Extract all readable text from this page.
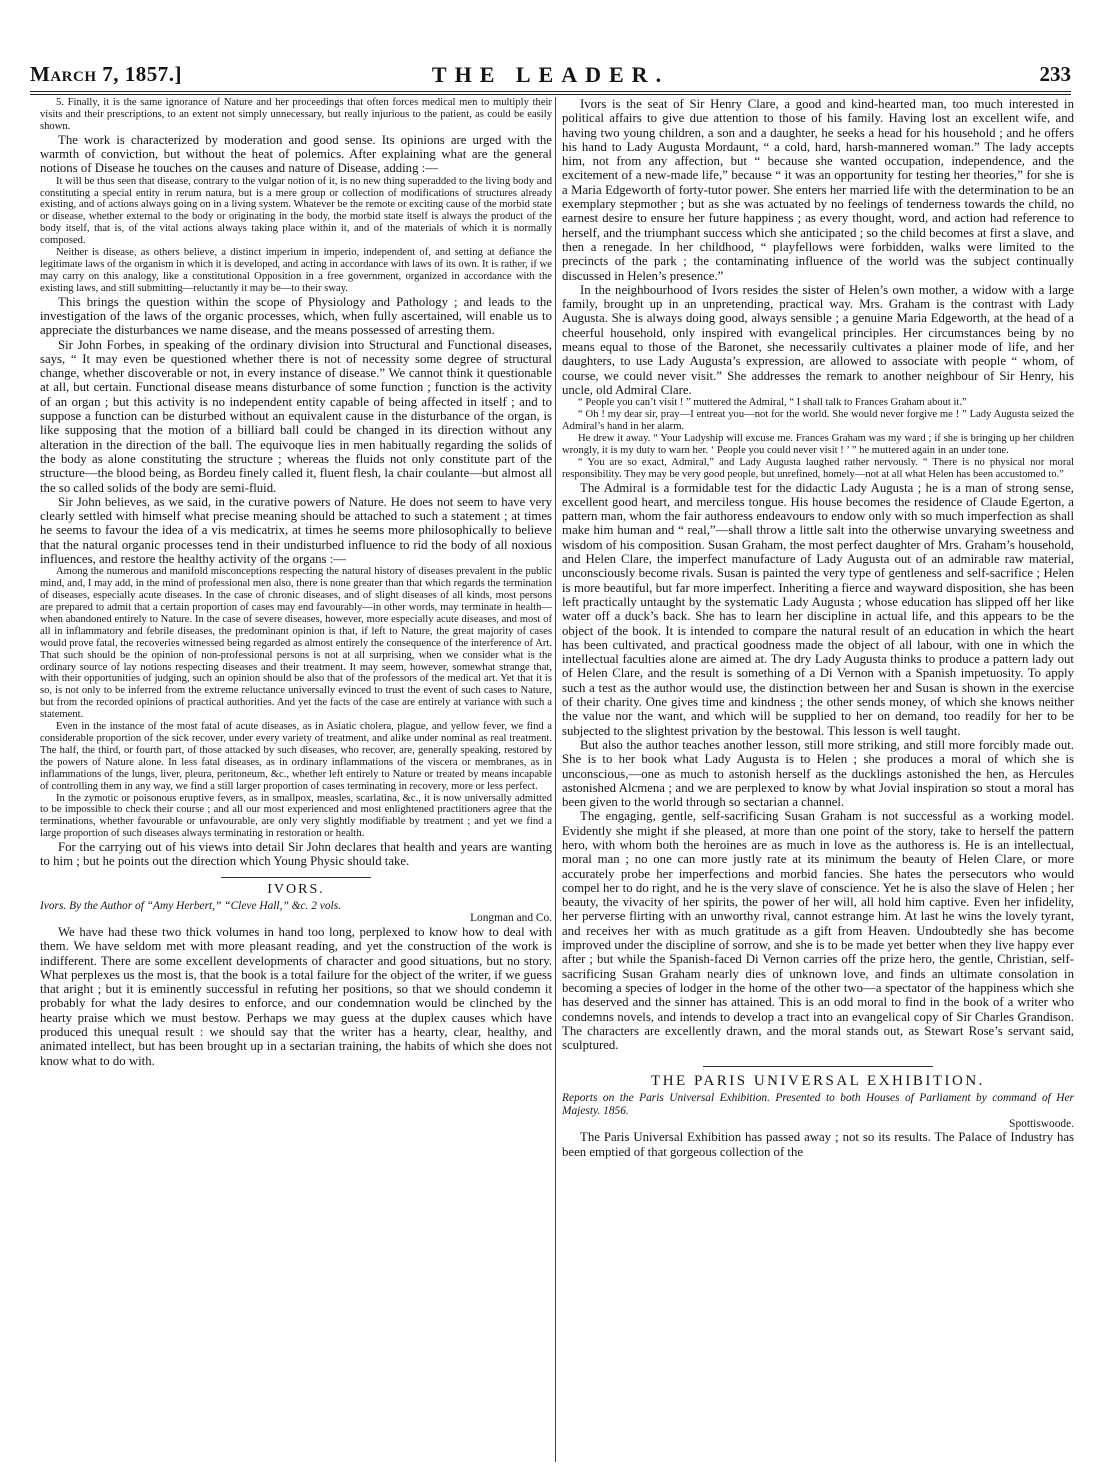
March 7, 1857.]	THE LEADER.	233

5. Finally, it is the same ignorance of Nature and her proceedings that often forces medical men to multiply their visits and their prescriptions, to an extent not simply unnecessary, but really injurious to the patient, as could be easily shown.

The work is characterized by moderation and good sense. Its opinions are urged with the warmth of conviction, but without the heat of polemics. After explaining what are the general notions of Disease he touches on the causes and nature of Disease, adding :—

It will be thus seen that disease, contrary to the vulgar notion of it, is no new thing superadded to the living body and constituting a special entity in rerum natura, but is a mere group or collection of modifications of structures already existing, and of actions always going on in a living system. Whatever be the remote or exciting cause of the morbid state or disease, whether external to the body or originating in the body, the morbid state itself is always the product of the body itself, that is, of the vital actions always taking place within it, and of the materials of which it is normally composed.

Neither is disease, as others believe, a distinct imperium in imperio, independent of, and setting at defiance the legitimate laws of the organism in which it is developed, and acting in accordance with laws of its own. It is rather, if we may carry on this analogy, like a constitutional Opposition in a free government, organized in accordance with the existing laws, and still submitting—reluctantly it may be—to their sway.

This brings the question within the scope of Physiology and Pathology ; and leads to the investigation of the laws of the organic processes, which, when fully ascertained, will enable us to appreciate the disturbances we name disease, and the means possessed of arresting them.

Sir John Forbes, in speaking of the ordinary division into Structural and Functional diseases, says, “ It may even be questioned whether there is not of necessity some degree of structural change, whether discoverable or not, in every instance of disease.” We cannot think it questionable at all, but certain. Functional disease means disturbance of some function ; function is the activity of an organ ; but this activity is no independent entity capable of being affected in itself ; and to suppose a function can be disturbed without an equivalent cause in the disturbance of the organ, is like supposing that the motion of a billiard ball could be changed in its direction without any alteration in the direction of the ball. The equivoque lies in men habitually regarding the solids of the body as alone constituting the structure ; whereas the fluids not only constitute part of the structure—the blood being, as Bordeu finely called it, fluent flesh, la chair coulante—but almost all the so called solids of the body are semi-fluid.

Sir John believes, as we said, in the curative powers of Nature. He does not seem to have very clearly settled with himself what precise meaning should be attached to such a statement ; at times he seems to favour the idea of a vis medicatrix, at times he seems more philosophically to believe that the natural organic processes tend in their undisturbed influence to rid the body of all noxious influences, and restore the healthy activity of the organs :—

Among the numerous and manifold misconceptions respecting the natural history of diseases prevalent in the public mind, and, I may add, in the mind of professional men also, there is none greater than that which regards the termination of diseases, especially acute diseases. In the case of chronic diseases, and of slight diseases of all kinds, most persons are prepared to admit that a certain proportion of cases may end favourably—in other words, may terminate in health—when abandoned entirely to Nature. In the case of severe diseases, however, more especially acute diseases, and most of all in inflammatory and febrile diseases, the predominant opinion is that, if left to Nature, the great majority of cases would prove fatal, the recoveries witnessed being regarded as almost entirely the consequence of the interference of Art. That such should be the opinion of non-professional persons is not at all surprising, when we consider what is the ordinary source of lay notions respecting diseases and their treatment. It may seem, however, somewhat strange that, with their opportunities of judging, such an opinion should be also that of the professors of the medical art. Yet that it is so, is not only to be inferred from the extreme reluctance universally evinced to trust the event of such cases to Nature, but from the recorded opinions of practical authorities. And yet the facts of the case are entirely at variance with such a statement.

Even in the instance of the most fatal of acute diseases, as in Asiatic cholera, plague, and yellow fever, we find a considerable proportion of the sick recover, under every variety of treatment, and alike under nominal as real treatment. The half, the third, or fourth part, of those attacked by such diseases, who recover, are, generally speaking, restored by the powers of Nature alone. In less fatal diseases, as in ordinary inflammations of the viscera or membranes, as in inflammations of the lungs, liver, pleura, peritoneum, &c., whether left entirely to Nature or treated by means incapable of controlling them in any way, we find a still larger proportion of cases terminating in recovery, more or less perfect.

In the zymotic or poisonous eruptive fevers, as in smallpox, measles, scarlatina, &c., it is now universally admitted to be impossible to check their course ; and all our most experienced and most enlightened practitioners agree that the terminations, whether favourable or unfavourable, are only very slightly modifiable by treatment ; and yet we find a large proportion of such diseases always terminating in restoration or health.

For the carrying out of his views into detail Sir John declares that health and years are wanting to him ; but he points out the direction which Young Physic should take.

IVORS.

Ivors. By the Author of “Amy Herbert,” “Cleve Hall,” &c. 2 vols.

Longman and Co.

We have had these two thick volumes in hand too long, perplexed to know how to deal with them. We have seldom met with more pleasant reading, and yet the construction of the work is indifferent. There are some excellent developments of character and good situations, but no story. What perplexes us the most is, that the book is a total failure for the object of the writer, if we guess that aright ; but it is eminently successful in refuting her positions, so that we should condemn it probably for what the lady desires to enforce, and our condemnation would be clinched by the hearty praise which we must bestow. Perhaps we may guess at the duplex causes which have produced this unequal result : we should say that the writer has a hearty, clear, healthy, and animated intellect, but has been brought up in a sectarian training, the habits of which she does not know what to do with.

Ivors is the seat of Sir Henry Clare, a good and kind-hearted man, too much interested in political affairs to give due attention to those of his family. Having lost an excellent wife, and having two young children, a son and a daughter, he seeks a head for his household ; and he offers his hand to Lady Augusta Mordaunt, “ a cold, hard, harsh-mannered woman.” The lady accepts him, not from any affection, but “ because she wanted occupation, independence, and the excitement of a new-made life,” because “ it was an opportunity for testing her theories,” for she is a Maria Edgeworth of forty-tutor power. She enters her married life with the determination to be an exemplary stepmother ; but as she was actuated by no feelings of tenderness towards the child, no earnest desire to ensure her future happiness ; as every thought, word, and action had reference to herself, and the triumphant success which she anticipated ; so the child becomes at first a slave, and then a renegade. In her childhood, “ playfellows were forbidden, walks were limited to the precincts of the park ; the contaminating influence of the world was the subject continually discussed in Helen’s presence.”

In the neighbourhood of Ivors resides the sister of Helen’s own mother, a widow with a large family, brought up in an unpretending, practical way. Mrs. Graham is the contrast with Lady Augusta. She is always doing good, always sensible ; a genuine Maria Edgeworth, at the head of a cheerful household, only inspired with evangelical principles. Her circumstances being by no means equal to those of the Baronet, she necessarily cultivates a plainer mode of life, and her daughters, to use Lady Augusta’s expression, are allowed to associate with people “ whom, of course, we could never visit.” She addresses the remark to another neighbour of Sir Henry, his uncle, old Admiral Clare.

“ People you can’t visit ! ” muttered the Admiral, “ I shall talk to Frances Graham about it.”

“ Oh ! my dear sir, pray—I entreat you—not for the world. She would never forgive me ! ” Lady Augusta seized the Admiral’s hand in her alarm.

He drew it away. “ Your Ladyship will excuse me. Frances Graham was my ward ; if she is bringing up her children wrongly, it is my duty to warn her. ‘ People you could never visit ! ’ ” he muttered again in an under tone.

“ You are so exact, Admiral,” and Lady Augusta laughed rather nervously. “ There is no physical nor moral responsibility. They may be very good people, but unrefined, homely—not at all what Helen has been accustomed to.”

The Admiral is a formidable test for the didactic Lady Augusta ; he is a man of strong sense, excellent good heart, and merciless tongue. His house becomes the residence of Claude Egerton, a pattern man, whom the fair authoress endeavours to endow only with so much imperfection as shall make him human and “ real,”—shall throw a little salt into the otherwise unvarying sweetness and wisdom of his composition. Susan Graham, the most perfect daughter of Mrs. Graham’s household, and Helen Clare, the imperfect manufacture of Lady Augusta out of an admirable raw material, unconsciously become rivals. Susan is painted the very type of gentleness and self-sacrifice ; Helen is more beautiful, but far more imperfect. Inheriting a fierce and wayward disposition, she has been left practically untaught by the systematic Lady Augusta ; whose education has slipped off her like water off a duck’s back. She has to learn her discipline in actual life, and this appears to be the object of the book. It is intended to compare the natural result of an education in which the heart has been cultivated, and practical goodness made the object of all labour, with one in which the intellectual faculties alone are aimed at. The dry Lady Augusta thinks to produce a pattern lady out of Helen Clare, and the result is something of a Di Vernon with a Spanish impetuosity. To apply such a test as the author would use, the distinction between her and Susan is shown in the exercise of their charity. One gives time and kindness ; the other sends money, of which she knows neither the value nor the want, and which will be supplied to her on demand, too readily for her to be subjected to the slightest privation by the bestowal. This lesson is well taught.

But also the author teaches another lesson, still more striking, and still more forcibly made out. She is to her book what Lady Augusta is to Helen ; she produces a moral of which she is unconscious,—one as much to astonish herself as the ducklings astonished the hen, as Hercules astonished Alcmena ; and we are perplexed to know by what Jovial inspiration so stout a moral has been given to the world through so sectarian a channel.

The engaging, gentle, self-sacrificing Susan Graham is not successful as a working model. Evidently she might if she pleased, at more than one point of the story, take to herself the pattern hero, with whom both the heroines are as much in love as the authoress is. He is an intellectual, moral man ; no one can more justly rate at its minimum the beauty of Helen Clare, or more accurately probe her imperfections and morbid fancies. She hates the persecutors who would compel her to do right, and he is the very slave of conscience. Yet he is also the slave of Helen ; her beauty, the vivacity of her spirits, the power of her will, all hold him captive. Even her infidelity, her perverse flirting with an unworthy rival, cannot estrange him. At last he wins the lovely tyrant, and receives her with as much gratitude as a gift from Heaven. Undoubtedly she has become improved under the discipline of sorrow, and she is to be made yet better when they live happy ever after ; but while the Spanish-faced Di Vernon carries off the prize hero, the gentle, Christian, self-sacrificing Susan Graham nearly dies of unknown love, and finds an ultimate consolation in becoming a species of lodger in the home of the other two—a spectator of the happiness which she has deserved and the sinner has attained. This is an odd moral to find in the book of a writer who condemns novels, and intends to develop a tract into an evangelical copy of Sir Charles Grandison. The characters are excellently drawn, and the moral stands out, as Stewart Rose’s servant said, sculptured.

THE PARIS UNIVERSAL EXHIBITION.

Reports on the Paris Universal Exhibition. Presented to both Houses of Parliament by command of Her Majesty. 1856.

Spottiswoode.

The Paris Universal Exhibition has passed away ; not so its results. The Palace of Industry has been emptied of that gorgeous collection of the
